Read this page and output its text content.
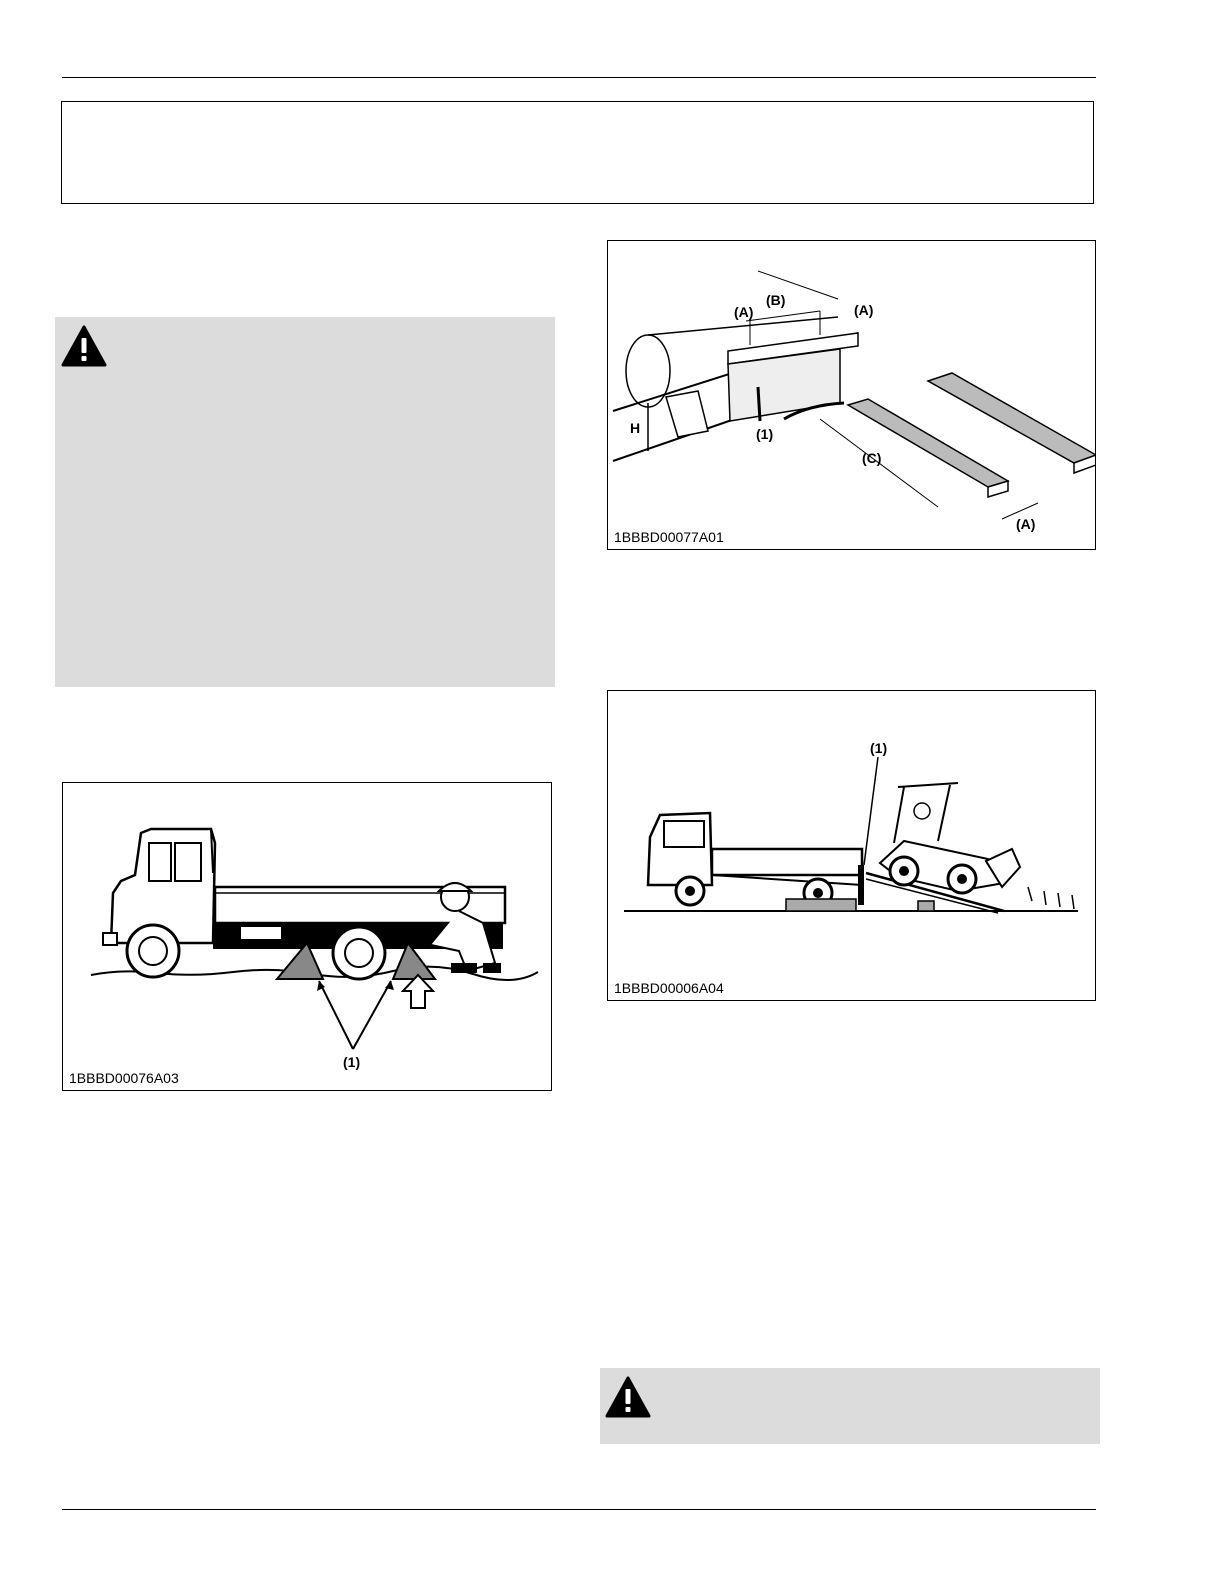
(1)
1BBBD00076A03
H
(A)
(B)
(A)
(1)
(C)
(A)
1BBBD00077A01
(1)
1BBBD00006A04
